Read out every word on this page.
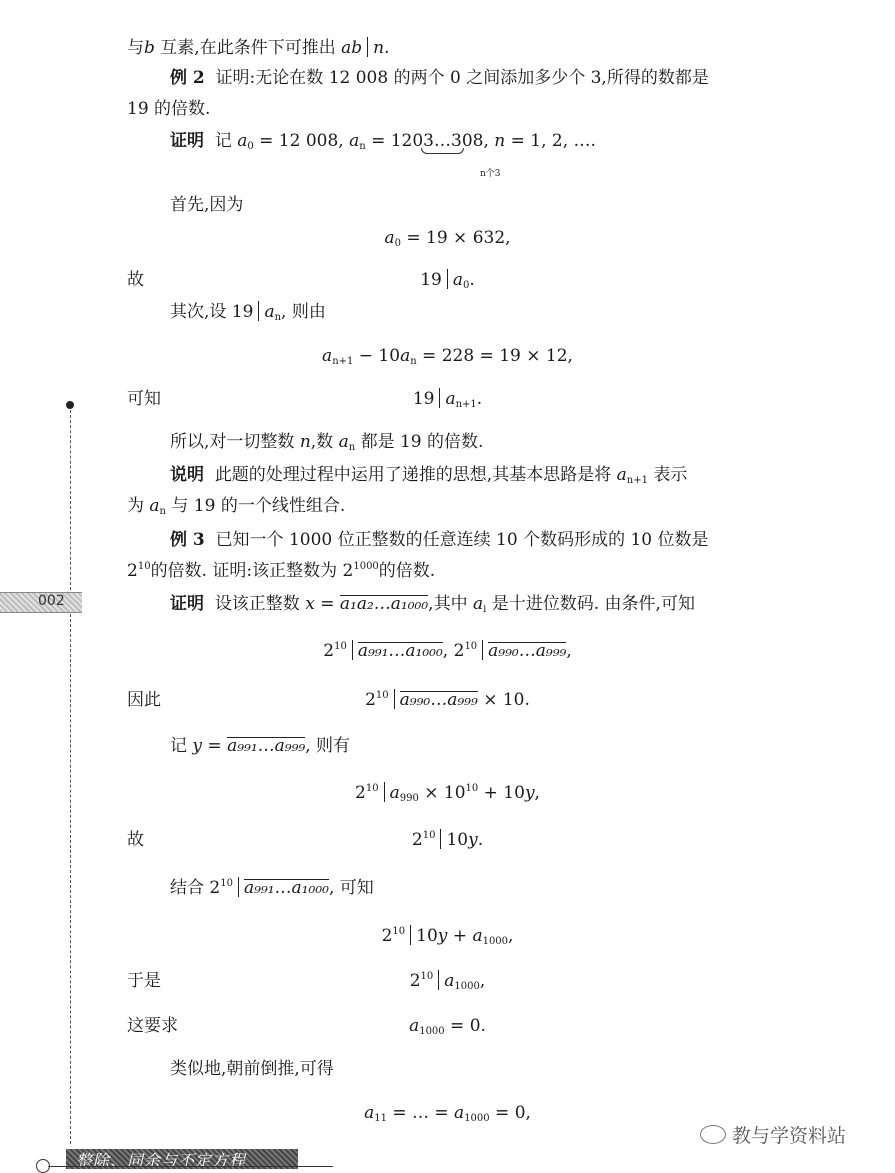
002
与b 互素,在此条件下可推出 ab n.
例 2 证明:无论在数 12 008 的两个 0 之间添加多少个 3,所得的数都是
19 的倍数.
证明 记 $a_0 = 12$ 008, $a_n$ = 1203…3
08, n = 1, 2, ….
n个3
首先,因为
$a_0 = 19 \times 632$,
故	19 $a_0$.
其次,设 19 $a_n$, 则由
$a_{n+1} - 10a_n = 228 = 19 \times 12$,
可知	19 $a_{n+1}$.
所以,对一切整数 n,数 $a_n$ 都是 19 的倍数.
说明 此题的处理过程中运用了递推的思想,其基本思路是将 $a_{n+1}$ 表示
为 $a_n$ 与 19 的一个线性组合.
例 3 已知一个 1000 位正整数的任意连续 10 个数码形成的 10 位数是
$2^{10}$的倍数. 证明:该正整数为 $2^{1000}$的倍数.
证明 设该正整数 x = a₁a₂…a₁₀₀₀,其中 $a_i$ 是十进位数码. 由条件,可知
$2^{10}$ a₉₉₁…a₁₀₀₀, $2^{10}$ a₉₉₀…a₉₉₉,
因此	$2^{10}$ a₉₉₀…a₉₉₉ × 10.
记 y = a₉₉₁…a₉₉₉, 则有
$2^{10}$ $a_{990} \times 10^{10} + 10y$,
故	$2^{10}$ 10y.
结合 $2^{10}$ a₉₉₁…a₁₀₀₀, 可知
$2^{10}$ $10y + a_{1000}$,
于是	$2^{10}$ $a_{1000}$,
这要求	$a_{1000} = 0$.
类似地,朝前倒推,可得
$a_{11}$ = … = $a_{1000} = 0$,
整除、同余与不定方程
教与学资料站
